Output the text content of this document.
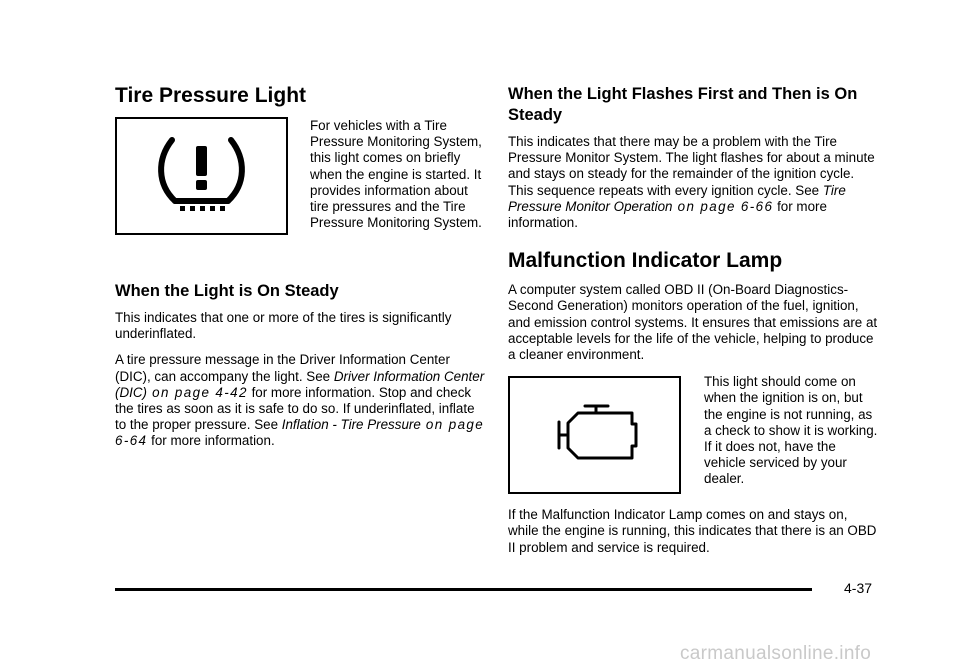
Tire Pressure Light

For vehicles with a Tire Pressure Monitoring System, this light comes on briefly when the engine is started. It provides information about tire pressures and the Tire Pressure Monitoring System.

When the Light is On Steady

This indicates that one or more of the tires is significantly underinflated.

A tire pressure message in the Driver Information Center (DIC), can accompany the light. See Driver Information Center (DIC) on page 4-42 for more information. Stop and check the tires as soon as it is safe to do so. If underinflated, inflate to the proper pressure. See Inflation - Tire Pressure on page 6-64 for more information.

When the Light Flashes First and Then is On Steady

This indicates that there may be a problem with the Tire Pressure Monitor System. The light flashes for about a minute and stays on steady for the remainder of the ignition cycle. This sequence repeats with every ignition cycle. See Tire Pressure Monitor Operation on page 6-66 for more information.

Malfunction Indicator Lamp

A computer system called OBD II (On-Board Diagnostics-Second Generation) monitors operation of the fuel, ignition, and emission control systems. It ensures that emissions are at acceptable levels for the life of the vehicle, helping to produce a cleaner environment.

This light should come on when the ignition is on, but the engine is not running, as a check to show it is working. If it does not, have the vehicle serviced by your dealer.

If the Malfunction Indicator Lamp comes on and stays on, while the engine is running, this indicates that there is an OBD II problem and service is required.

4-37
carmanualsonline.info
